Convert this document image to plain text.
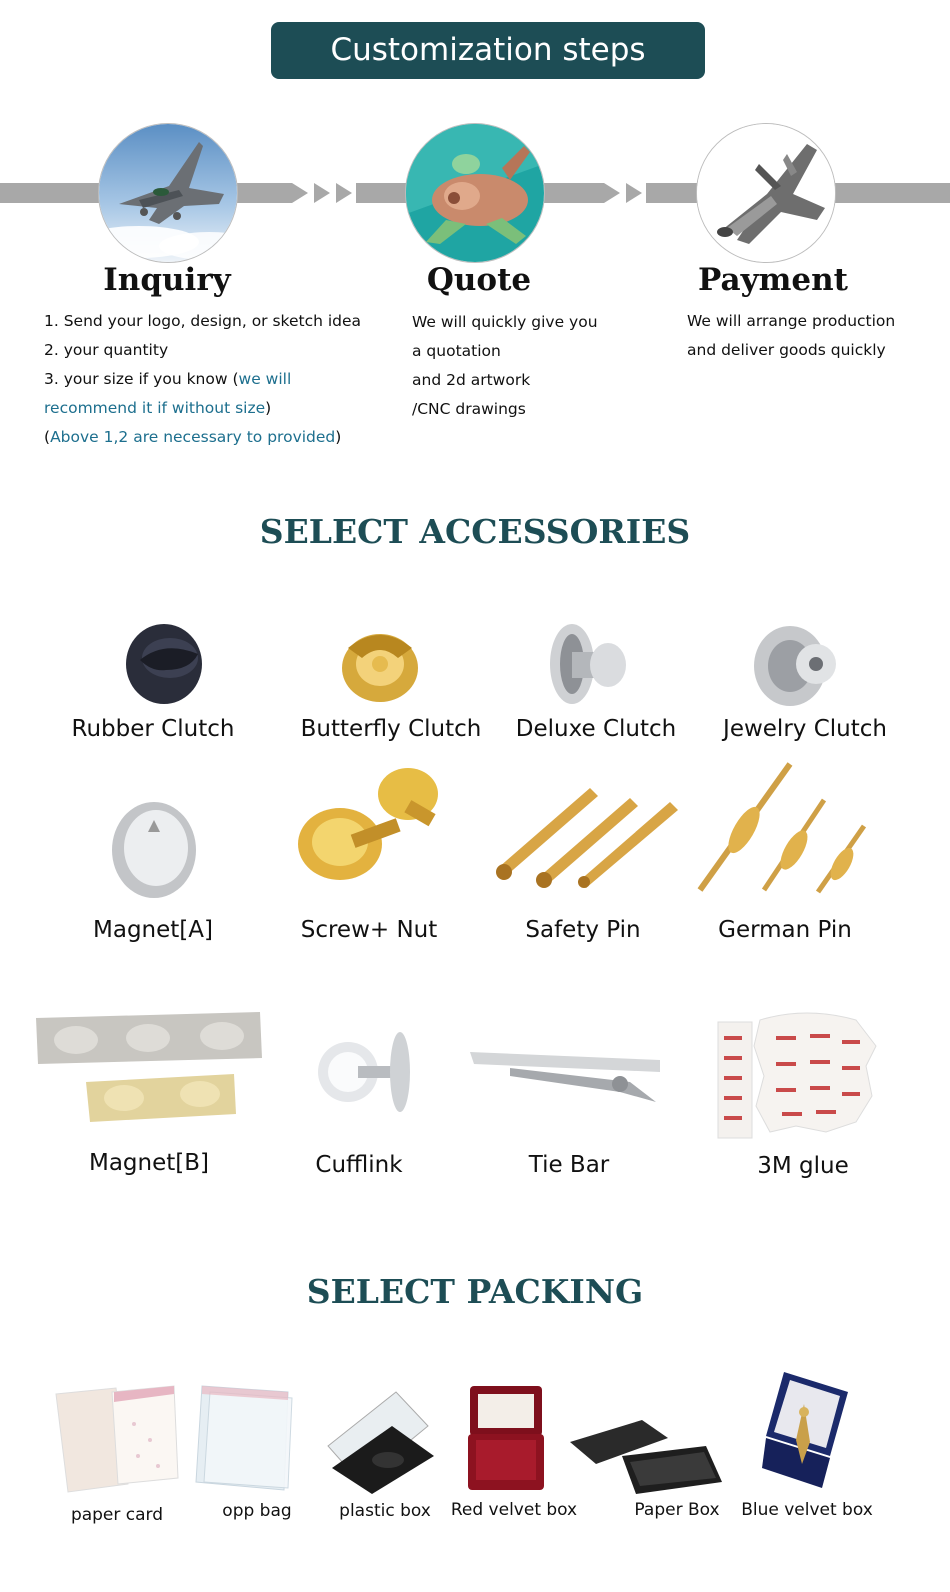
Customization steps
Inquiry	Quote	Payment
1. Send your logo, design, or sketch idea
2. your quantity
3. your size if you know (we will
recommend it if without size)
(Above 1,2 are necessary to provided)
We will quickly give you
a quotation
and 2d artwork
/CNC drawings
We will arrange production
and deliver goods quickly
SELECT ACCESSORIES
Rubber Clutch	Butterfly Clutch	Deluxe Clutch	Jewelry Clutch
Magnet[A]	Screw+ Nut	Safety Pin	German Pin
Magnet[B]	Cufflink	Tie Bar	3M glue
SELECT PACKING
paper card	opp bag	plastic box	Red velvet box	Paper Box	Blue velvet box
